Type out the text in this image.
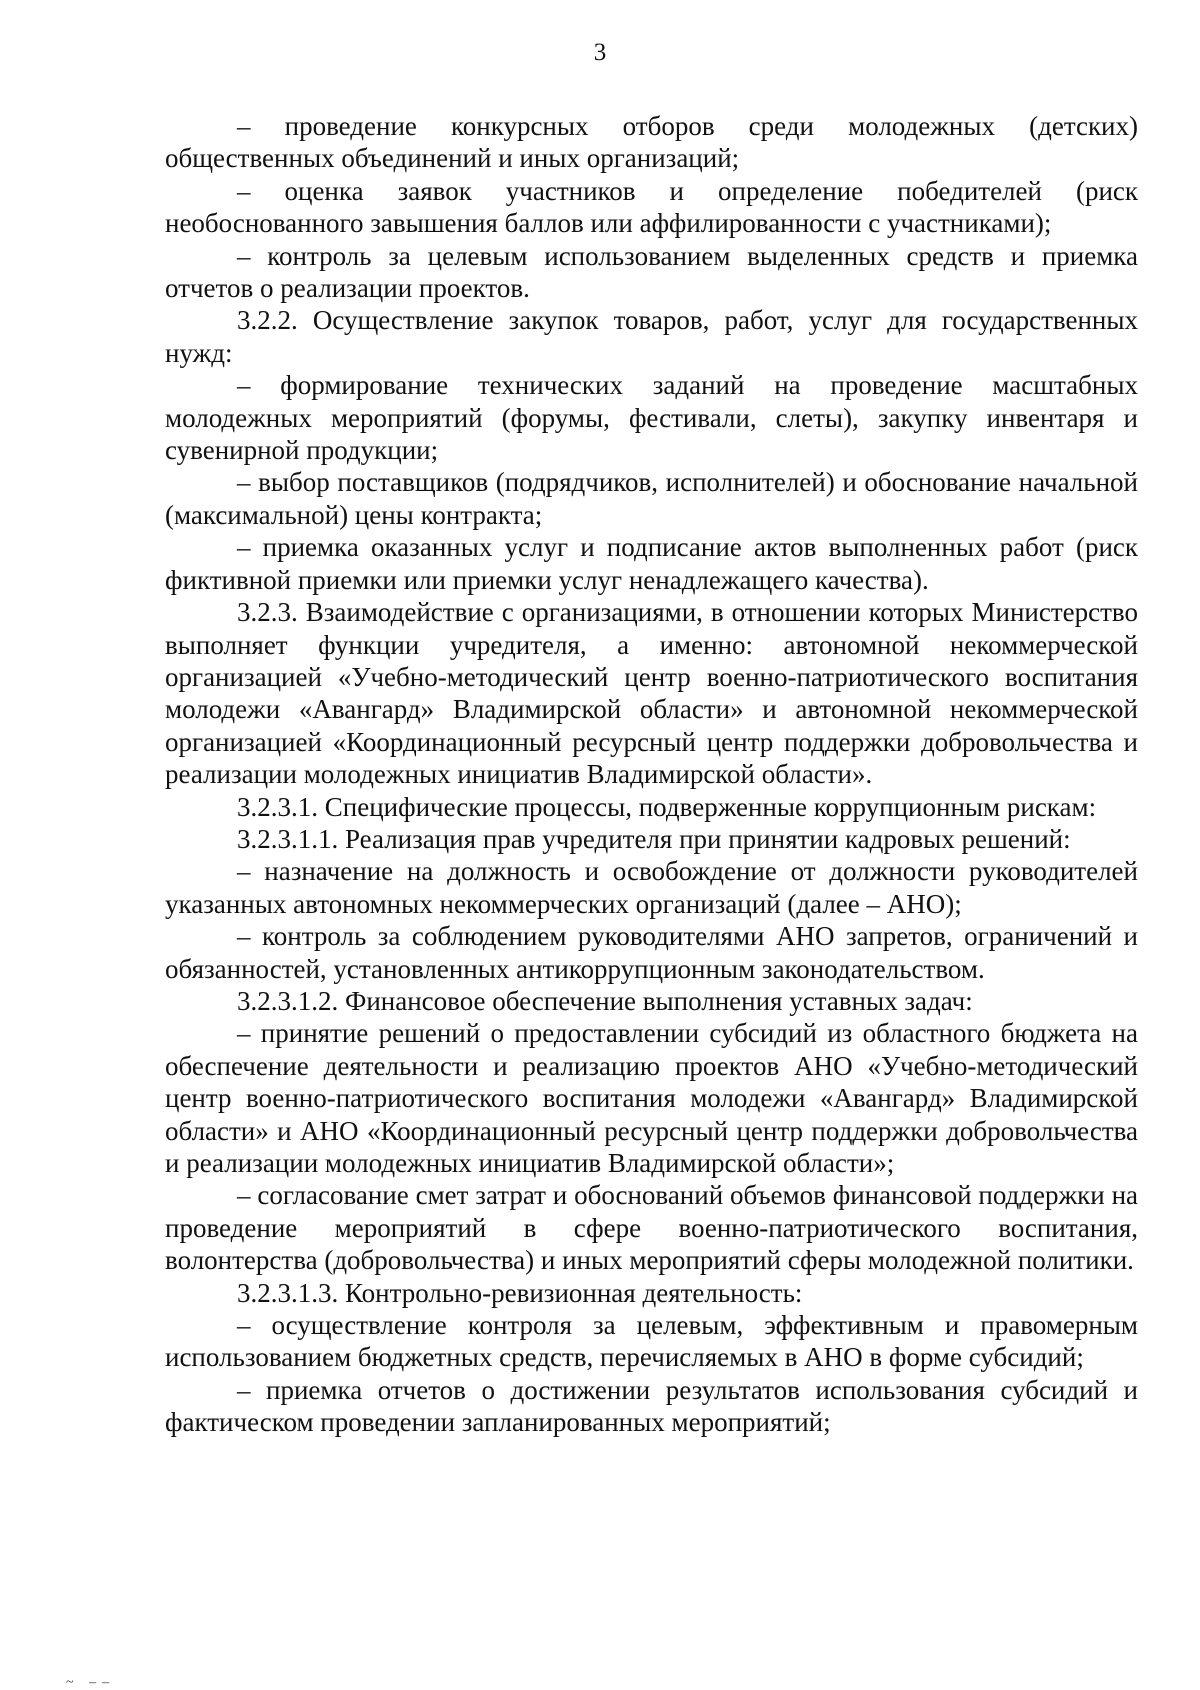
3

– проведение конкурсных отборов среди молодежных (детских) общественных объединений и иных организаций;

– оценка заявок участников и определение победителей (риск необоснованного завышения баллов или аффилированности с участниками);

– контроль за целевым использованием выделенных средств и приемка отчетов о реализации проектов.

3.2.2. Осуществление закупок товаров, работ, услуг для государственных нужд:

– формирование технических заданий на проведение масштабных молодежных мероприятий (форумы, фестивали, слеты), закупку инвентаря и сувенирной продукции;

– выбор поставщиков (подрядчиков, исполнителей) и обоснование начальной (максимальной) цены контракта;

– приемка оказанных услуг и подписание актов выполненных работ (риск фиктивной приемки или приемки услуг ненадлежащего качества).

3.2.3. Взаимодействие с организациями, в отношении которых Министерство выполняет функции учредителя, а именно: автономной некоммерческой организацией «Учебно-методический центр военно-патриотического воспитания молодежи «Авангард» Владимирской области» и автономной некоммерческой организацией «Координационный ресурсный центр поддержки добровольчества и реализации молодежных инициатив Владимирской области».

3.2.3.1. Специфические процессы, подверженные коррупционным рискам:

3.2.3.1.1. Реализация прав учредителя при принятии кадровых решений:

– назначение на должность и освобождение от должности руководителей указанных автономных некоммерческих организаций (далее – АНО);

– контроль за соблюдением руководителями АНО запретов, ограничений и обязанностей, установленных антикоррупционным законодательством.

3.2.3.1.2. Финансовое обеспечение выполнения уставных задач:

– принятие решений о предоставлении субсидий из областного бюджета на обеспечение деятельности и реализацию проектов АНО «Учебно-методический центр военно-патриотического воспитания молодежи «Авангард» Владимирской области» и АНО «Координационный ресурсный центр поддержки добровольчества и реализации молодежных инициатив Владимирской области»;

– согласование смет затрат и обоснований объемов финансовой поддержки на проведение мероприятий в сфере военно-патриотического воспитания, волонтерства (добровольчества) и иных мероприятий сферы молодежной политики.

3.2.3.1.3. Контрольно-ревизионная деятельность:

– осуществление контроля за целевым, эффективным и правомерным использованием бюджетных средств, перечисляемых в АНО в форме субсидий;

– приемка отчетов о достижении результатов использования субсидий и фактическом проведении запланированных мероприятий;

~ ‒‒
